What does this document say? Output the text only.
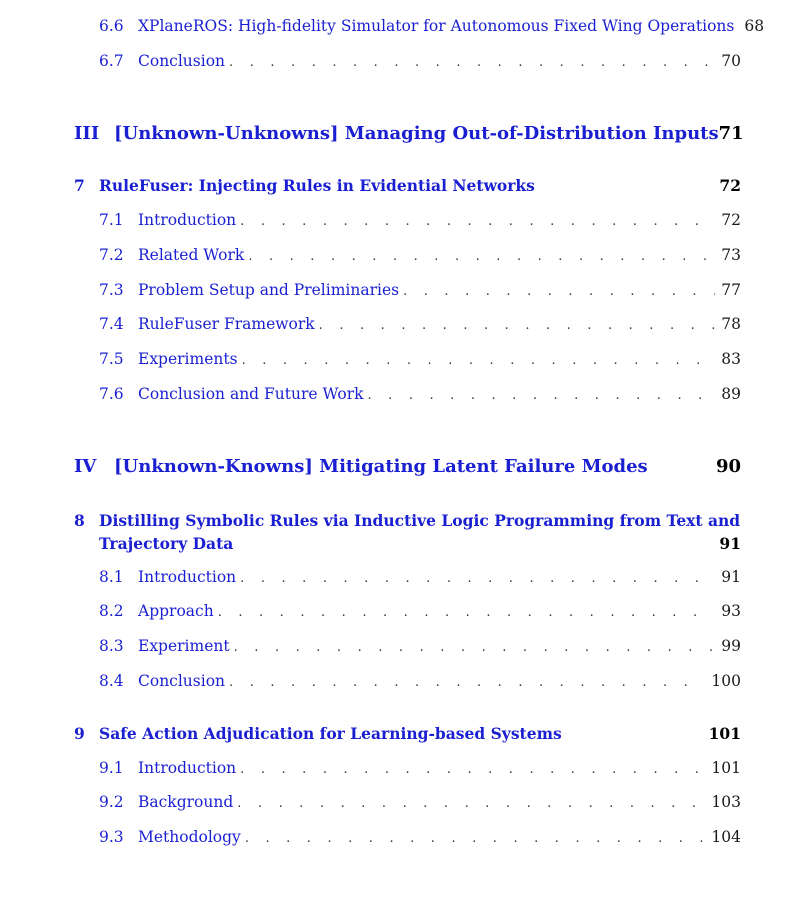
6.6 XPlaneROS: High-fidelity Simulator for Autonomous Fixed Wing Operations 68
6.7 Conclusion . . .	70
III [Unknown-Unknowns] Managing Out-of-Distribution Inputs 71
7 RuleFuser: Injecting Rules in Evidential Networks	72
7.1 Introduction . . .	72
7.2 Related Work . . .	73
7.3 Problem Setup and Preliminaries . . .	77
7.4 RuleFuser Framework . . .	78
7.5 Experiments . . .	83
7.6 Conclusion and Future Work . . .	89
IV [Unknown-Knowns] Mitigating Latent Failure Modes	90
8 Distilling Symbolic Rules via Inductive Logic Programming from Text and
Trajectory Data	91
8.1 Introduction . . .	91
8.2 Approach . . .	93
8.3 Experiment . . .	99
8.4 Conclusion . . .	100
9 Safe Action Adjudication for Learning-based Systems	101
9.1 Introduction . . .	101
9.2 Background . . .	103
9.3 Methodology . . .	104
